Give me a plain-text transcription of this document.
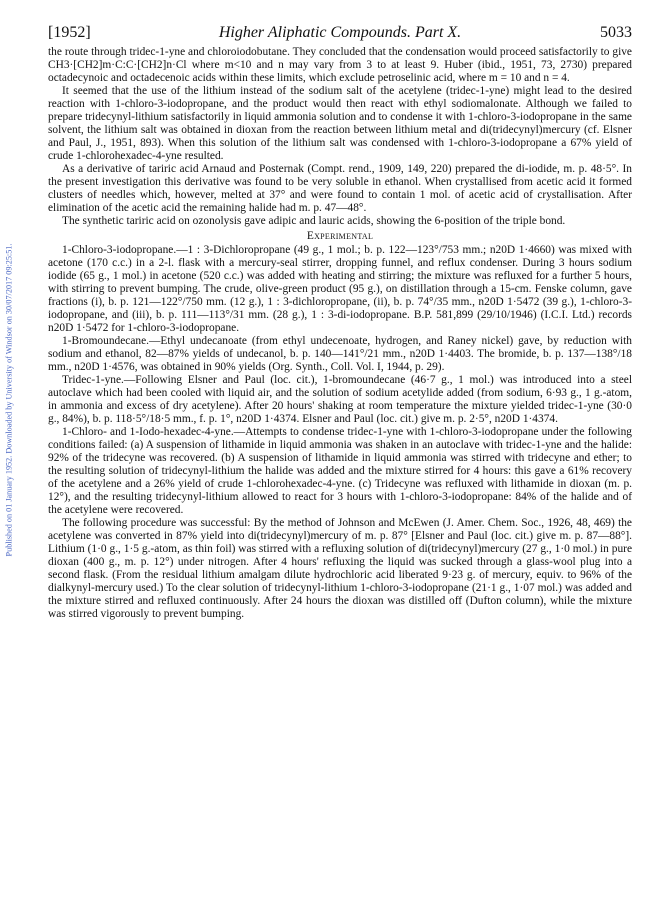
Published on 01 January 1952. Downloaded by University of Windsor on 30/07/2017 09:25:51.
[1952]	Higher Aliphatic Compounds. Part X.	5033

the route through tridec-1-yne and chloroiodobutane. They concluded that the condensation would proceed satisfactorily to give CH3·[CH2]m·C:C·[CH2]n·Cl where m<10 and n may vary from 3 to at least 9. Huber (ibid., 1951, 73, 2730) prepared octadecynoic and octadecenoic acids within these limits, which exclude petroselinic acid, where m = 10 and n = 4.

It seemed that the use of the lithium instead of the sodium salt of the acetylene (tridec-1-yne) might lead to the desired reaction with 1-chloro-3-iodopropane, and the product would then react with ethyl sodiomalonate. Although we failed to prepare tridecynyl-lithium satisfactorily in liquid ammonia solution and to condense it with 1-chloro-3-iodopropane in the same solvent, the lithium salt was obtained in dioxan from the reaction between lithium metal and di(tridecynyl)mercury (cf. Elsner and Paul, J., 1951, 893). When this solution of the lithium salt was condensed with 1-chloro-3-iodopropane a 67% yield of crude 1-chlorohexadec-4-yne resulted.

As a derivative of tariric acid Arnaud and Posternak (Compt. rend., 1909, 149, 220) prepared the di-iodide, m. p. 48·5°. In the present investigation this derivative was found to be very soluble in ethanol. When crystallised from acetic acid it formed clusters of needles which, however, melted at 37° and were found to contain 1 mol. of acetic acid of crystallisation. After elimination of the acetic acid the remaining halide had m. p. 47—48°.

The synthetic tariric acid on ozonolysis gave adipic and lauric acids, showing the 6-position of the triple bond.

Experimental

1-Chloro-3-iodopropane.—1 : 3-Dichloropropane (49 g., 1 mol.; b. p. 122—123°/753 mm.; n20D 1·4660) was mixed with acetone (170 c.c.) in a 2-l. flask with a mercury-seal stirrer, dropping funnel, and reflux condenser. During 3 hours sodium iodide (65 g., 1 mol.) in acetone (520 c.c.) was added with heating and stirring; the mixture was refluxed for a further 5 hours, with stirring to prevent bumping. The crude, olive-green product (95 g.), on distillation through a 15-cm. Fenske column, gave fractions (i), b. p. 121—122°/750 mm. (12 g.), 1 : 3-dichloropropane, (ii), b. p. 74°/35 mm., n20D 1·5472 (39 g.), 1-chloro-3-iodopropane, and (iii), b. p. 111—113°/31 mm. (28 g.), 1 : 3-di-iodopropane. B.P. 581,899 (29/10/1946) (I.C.I. Ltd.) records n20D 1·5472 for 1-chloro-3-iodopropane.

1-Bromoundecane.—Ethyl undecanoate (from ethyl undecenoate, hydrogen, and Raney nickel) gave, by reduction with sodium and ethanol, 82—87% yields of undecanol, b. p. 140—141°/21 mm., n20D 1·4403. The bromide, b. p. 137—138°/18 mm., n20D 1·4576, was obtained in 90% yields (Org. Synth., Coll. Vol. I, 1944, p. 29).

Tridec-1-yne.—Following Elsner and Paul (loc. cit.), 1-bromoundecane (46·7 g., 1 mol.) was introduced into a steel autoclave which had been cooled with liquid air, and the solution of sodium acetylide added (from sodium, 6·93 g., 1 g.-atom, in ammonia and excess of dry acetylene). After 20 hours' shaking at room temperature the mixture yielded tridec-1-yne (30·0 g., 84%), b. p. 118·5°/18·5 mm., f. p. 1°, n20D 1·4374. Elsner and Paul (loc. cit.) give m. p. 2·5°, n20D 1·4374.

1-Chloro- and 1-Iodo-hexadec-4-yne.—Attempts to condense tridec-1-yne with 1-chloro-3-iodopropane under the following conditions failed: (a) A suspension of lithamide in liquid ammonia was shaken in an autoclave with tridec-1-yne and the halide: 92% of the tridecyne was recovered. (b) A suspension of lithamide in liquid ammonia was stirred with tridecyne and ether; to the resulting solution of tridecynyl-lithium the halide was added and the mixture stirred for 4 hours: this gave a 61% recovery of the acetylene and a 26% yield of crude 1-chlorohexadec-4-yne. (c) Tridecyne was refluxed with lithamide in dioxan (m. p. 12°), and the resulting tridecynyl-lithium allowed to react for 3 hours with 1-chloro-3-iodopropane: 84% of the halide and of the acetylene were recovered.

The following procedure was successful: By the method of Johnson and McEwen (J. Amer. Chem. Soc., 1926, 48, 469) the acetylene was converted in 87% yield into di(tridecynyl)mercury of m. p. 87° [Elsner and Paul (loc. cit.) give m. p. 87—88°]. Lithium (1·0 g., 1·5 g.-atom, as thin foil) was stirred with a refluxing solution of di(tridecynyl)mercury (27 g., 1·0 mol.) in pure dioxan (400 g., m. p. 12°) under nitrogen. After 4 hours' refluxing the liquid was sucked through a glass-wool plug into a second flask. (From the residual lithium amalgam dilute hydrochloric acid liberated 9·23 g. of mercury, equiv. to 96% of the dialkynyl-mercury used.) To the clear solution of tridecynyl-lithium 1-chloro-3-iodopropane (21·1 g., 1·07 mol.) was added and the mixture stirred and refluxed continuously. After 24 hours the dioxan was distilled off (Dufton column), while the mixture was stirred vigorously to prevent bumping.
